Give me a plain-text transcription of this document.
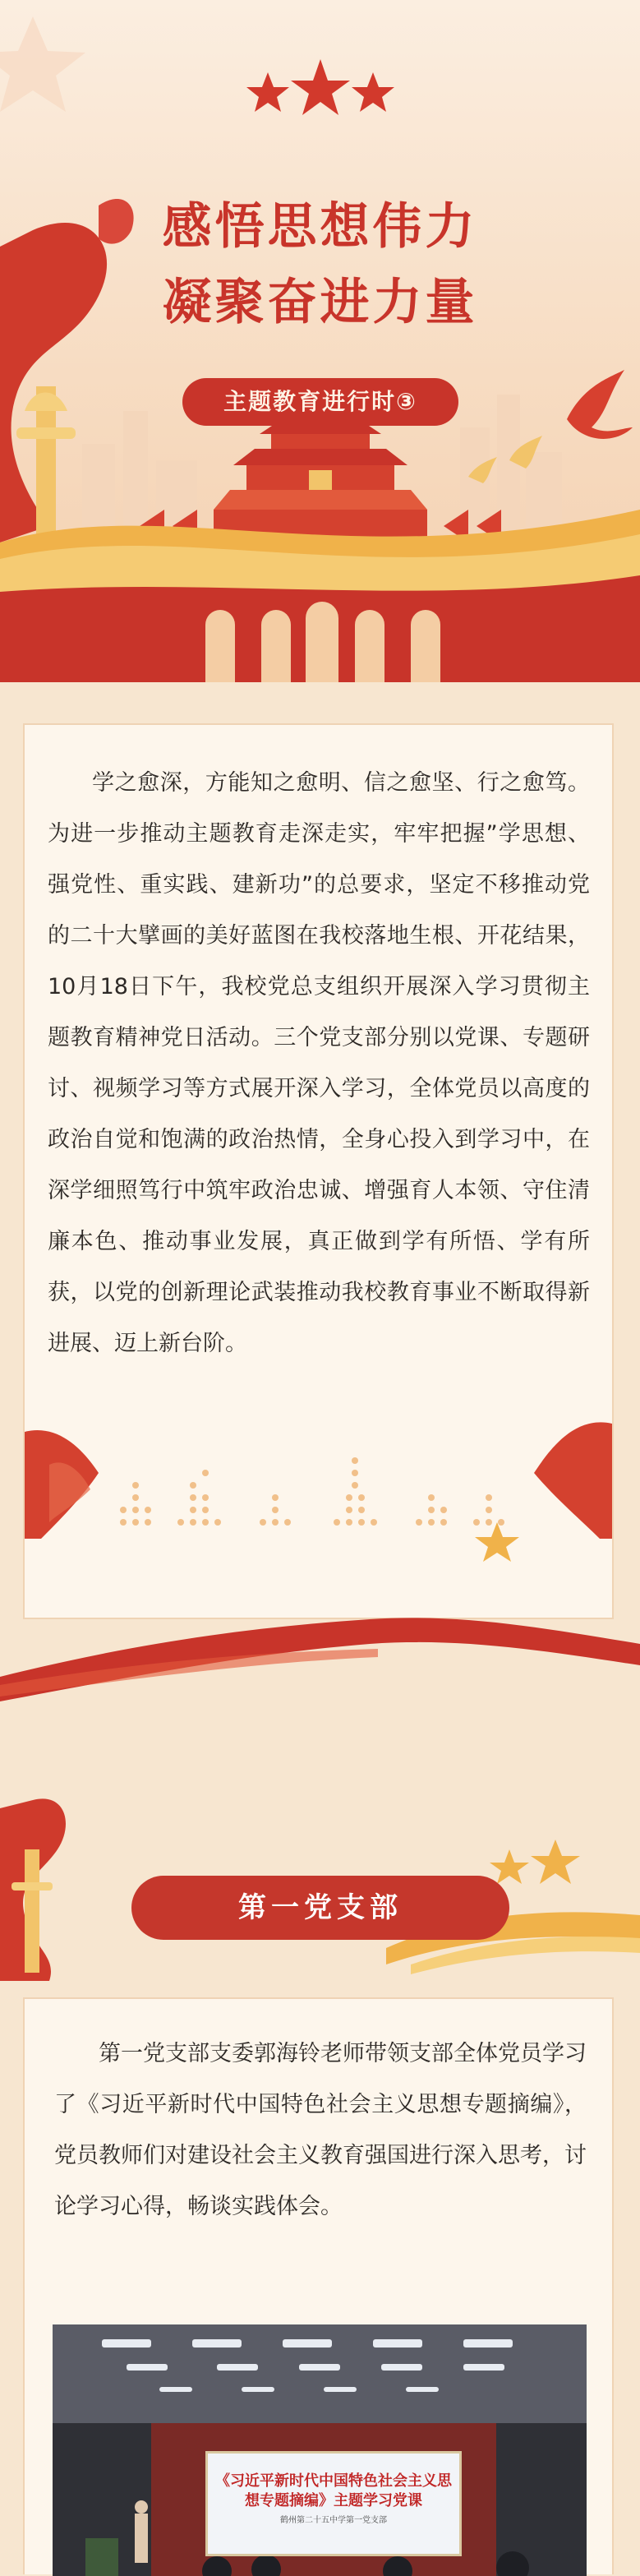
感悟思想伟力
凝聚奋进力量
主题教育进行时③

学之愈深，方能知之愈明、信之愈坚、行之愈笃。为进一步推动主题教育走深走实，牢牢把握”学思想、强党性、重实践、建新功”的总要求，坚定不移推动党的二十大擘画的美好蓝图在我校落地生根、开花结果，10月18日下午，我校党总支组织开展深入学习贯彻主题教育精神党日活动。三个党支部分别以党课、专题研讨、视频学习等方式展开深入学习，全体党员以高度的政治自觉和饱满的政治热情，全身心投入到学习中，在深学细照笃行中筑牢政治忠诚、增强育人本领、守住清廉本色、推动事业发展，真正做到学有所悟、学有所获，以党的创新理论武装推动我校教育事业不断取得新进展、迈上新台阶。

第一党支部

第一党支部支委郭海铃老师带领支部全体党员学习了《习近平新时代中国特色社会主义思想专题摘编》，党员教师们对建设社会主义教育强国进行深入思考，讨论学习心得，畅谈实践体会。

《习近平新时代中国特色社会主义思
想专题摘编》主题学习党课
鹤州第二十五中学第一党支部
